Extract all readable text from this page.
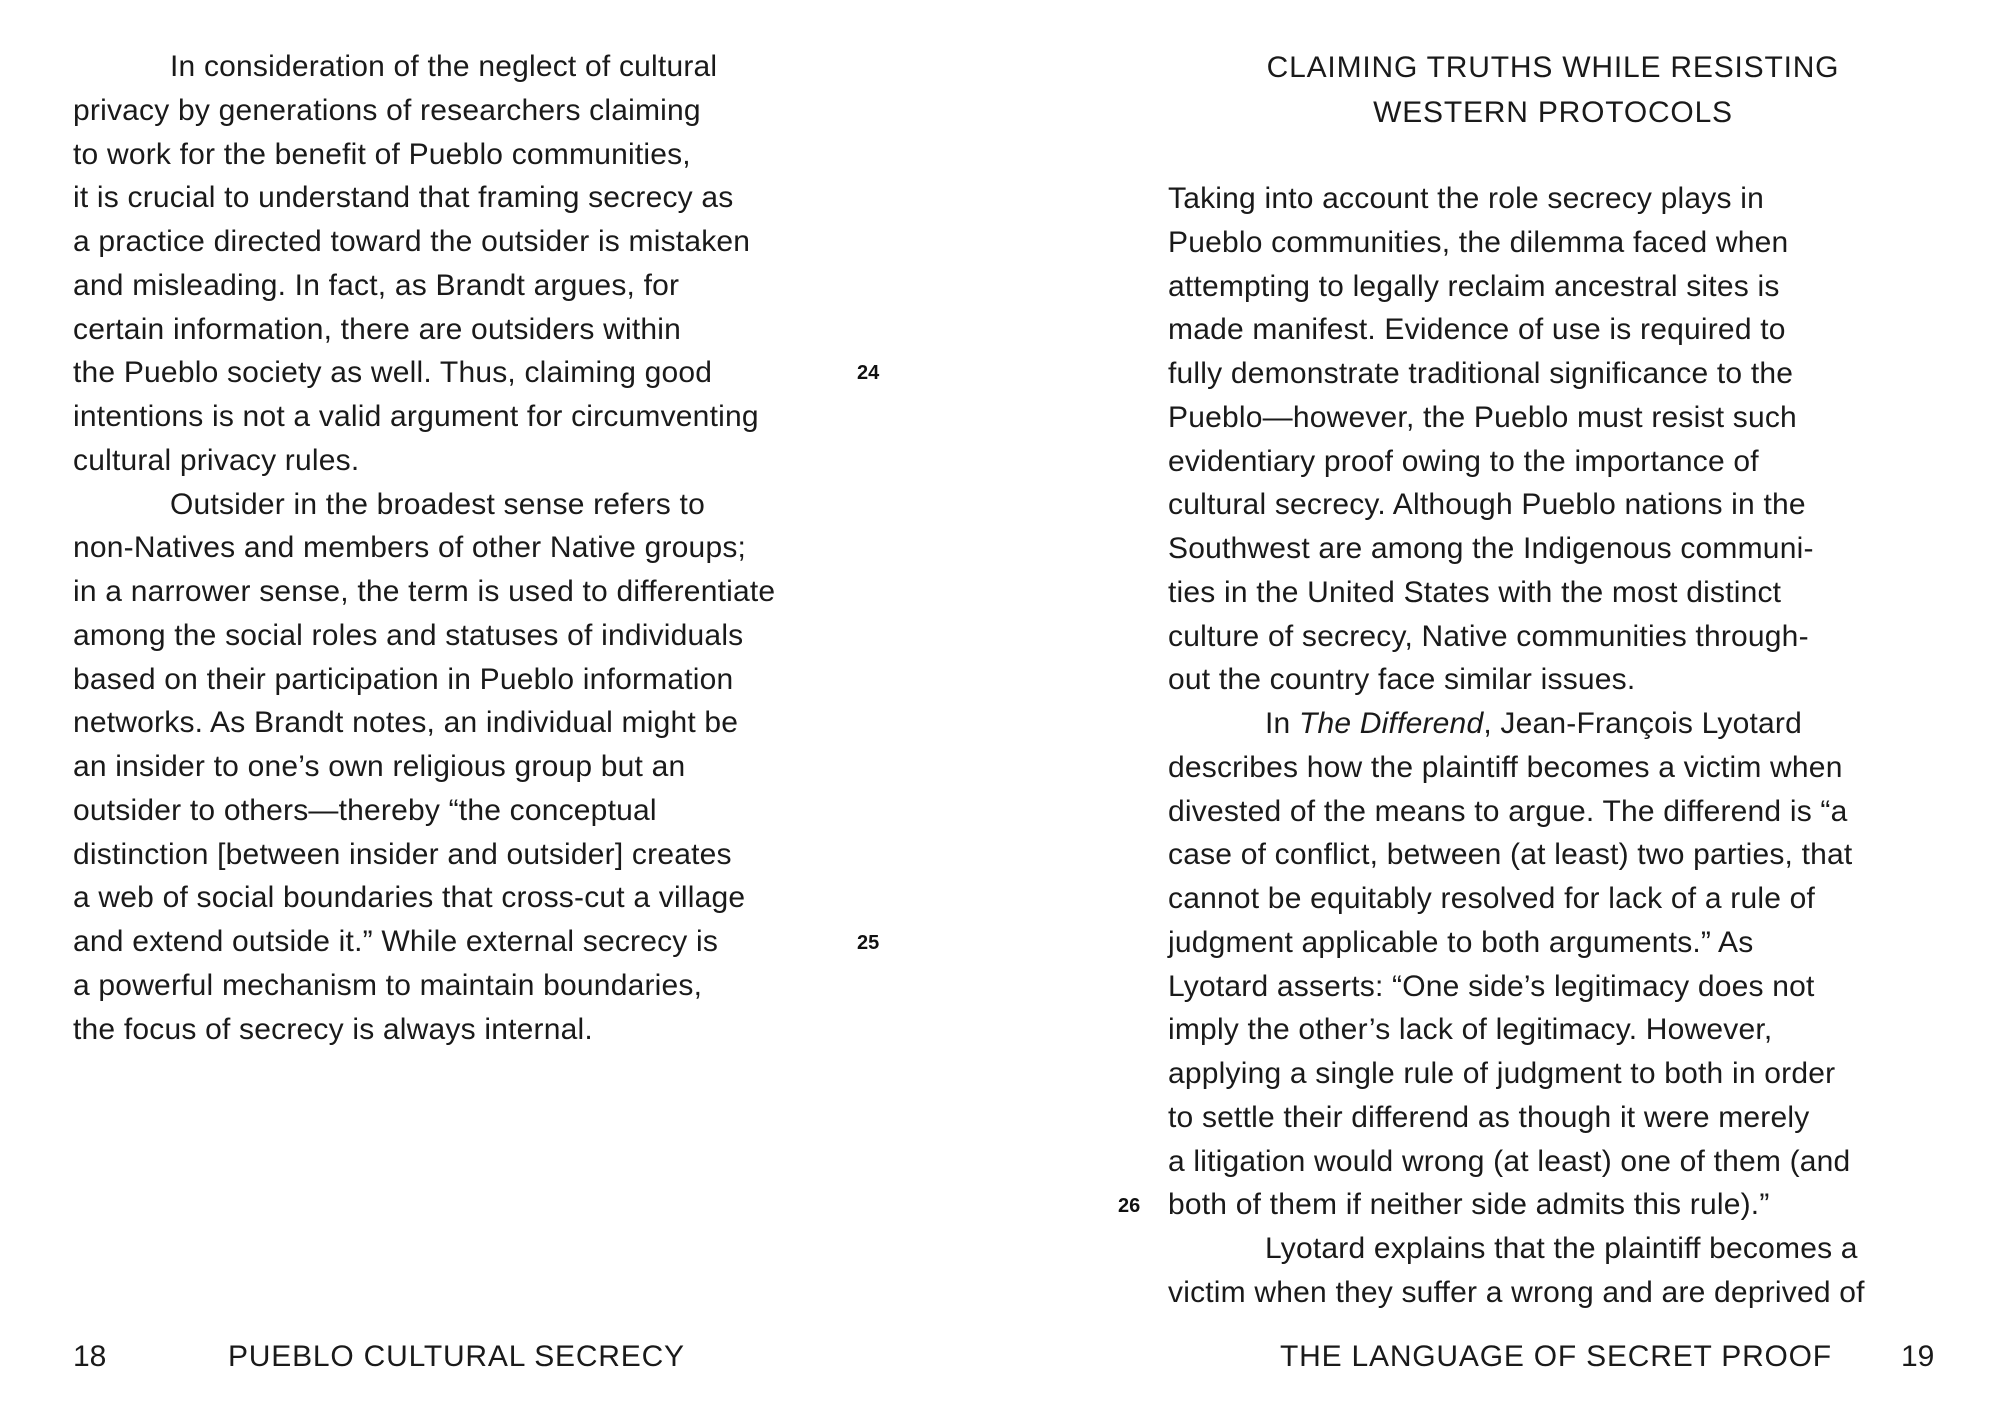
In consideration of the neglect of cultural
privacy by generations of researchers claiming
to work for the benefit of Pueblo communities,
it is crucial to understand that framing secrecy as
a practice directed toward the outsider is mistaken
and misleading. In fact, as Brandt argues, for
certain information, there are outsiders within
the Pueblo society as well. Thus, claiming good
intentions is not a valid argument for circumventing
cultural privacy rules.
Outsider in the broadest sense refers to
non-Natives and members of other Native groups;
in a narrower sense, the term is used to differentiate
among the social roles and statuses of individuals
based on their participation in Pueblo information
networks. As Brandt notes, an individual might be
an insider to one’s own religious group but an
outsider to others—thereby “the conceptual
distinction [between insider and outsider] creates
a web of social boundaries that cross-cut a village
and extend outside it.” While external secrecy is
a powerful mechanism to maintain boundaries,
the focus of secrecy is always internal.
24
25
18	PUEBLO CULTURAL SECRECY
CLAIMING TRUTHS WHILE RESISTING
WESTERN PROTOCOLS
Taking into account the role secrecy plays in
Pueblo communities, the dilemma faced when
attempting to legally reclaim ancestral sites is
made manifest. Evidence of use is required to
fully demonstrate traditional significance to the
Pueblo—however, the Pueblo must resist such
evidentiary proof owing to the importance of
cultural secrecy. Although Pueblo nations in the
Southwest are among the Indigenous communi-
ties in the United States with the most distinct
culture of secrecy, Native communities through-
out the country face similar issues.
In The Differend, Jean-François Lyotard
describes how the plaintiff becomes a victim when
divested of the means to argue. The differend is “a
case of conflict, between (at least) two parties, that
cannot be equitably resolved for lack of a rule of
judgment applicable to both arguments.” As
Lyotard asserts: “One side’s legitimacy does not
imply the other’s lack of legitimacy. However,
applying a single rule of judgment to both in order
to settle their differend as though it were merely
a litigation would wrong (at least) one of them (and
both of them if neither side admits this rule).”
Lyotard explains that the plaintiff becomes a
victim when they suffer a wrong and are deprived of
26
THE LANGUAGE OF SECRET PROOF 19
